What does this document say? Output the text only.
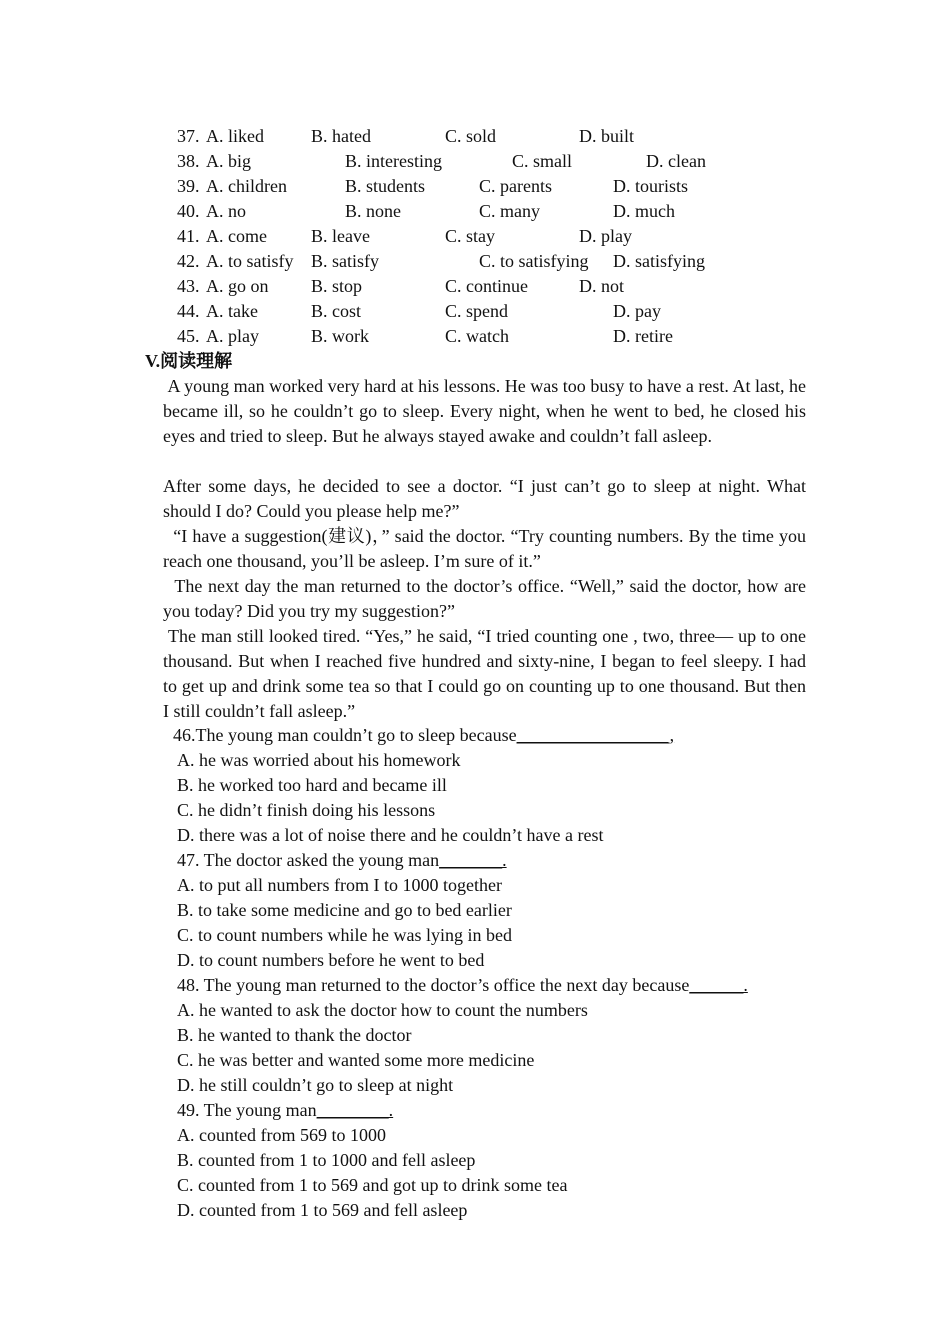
37. A. liked	B. hated	C. sold	D. built
38. A. big	B. interesting	C. small	D. clean
39. A. children	B. students	C. parents	D. tourists
40. A. no	B. none	C. many	D. much
41. A. come B. leave	C. stay	D. play
42. A. to satisfy B. satisfy	C. to satisfying D. satisfying
43. A. go on B. stop	C. continue	D. not
44. A. take	B. cost	C. spend	D. pay
45. A. play	B. work	C. watch	D. retire
V.阅读理解
A young man worked very hard at his lessons. He was too busy to have a rest. At last, he became ill, so he couldn’t go to sleep. Every night, when he went to bed, he closed his eyes and tried to sleep. But he always stayed awake and couldn’t fall asleep.
After some days, he decided to see a doctor. “I just can’t go to sleep at night. What should I do? Could you please help me?”
“I have a suggestion(建议)，” said the doctor. “Try counting numbers. By the time you reach one thousand, you’ll be asleep. I’m sure of it.”
The next day the man returned to the doctor’s office. “Well,” said the doctor, how are you today? Did you try my suggestion?”
The man still looked tired. “Yes,” he said, “I tried counting one , two, three— up to one thousand. But when I reached five hundred and sixty-nine, I began to feel sleepy. I had to get up and drink some tea so that I could go on counting up to one thousand. But then I still couldn’t fall asleep.”
46.The young man couldn’t go to sleep because_________________,
A. he was worried about his homework
B. he worked too hard and became ill
C. he didn’t finish doing his lessons
D. there was a lot of noise there and he couldn’t have a rest
47. The doctor asked the young man_______.
A. to put all numbers from I to 1000 together
B. to take some medicine and go to bed earlier
C. to count numbers while he was lying in bed
D. to count numbers before he went to bed
48. The young man returned to the doctor’s office the next day because______.
A. he wanted to ask the doctor how to count the numbers
B. he wanted to thank the doctor
C. he was better and wanted some more medicine
D. he still couldn’t go to sleep at night
49. The young man________.
A. counted from 569 to 1000
B. counted from 1 to 1000 and fell asleep
C. counted from 1 to 569 and got up to drink some tea
D. counted from 1 to 569 and fell asleep
